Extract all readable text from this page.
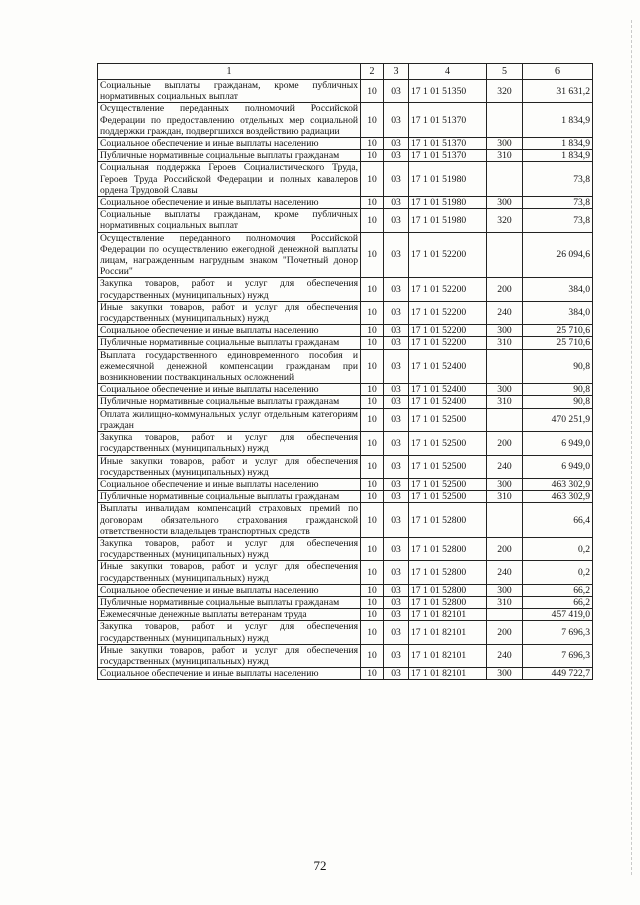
1	2	3	4	5	6
Социальные выплаты гражданам, кроме публичных нормативных социальных выплат	10	03	17 1 01 51350	320	31 631,2
Осуществление переданных полномочий Российской Федерации по предоставлению отдельных мер социальной поддержки граждан, подвергшихся воздействию радиации	10	03	17 1 01 51370		1 834,9
Социальное обеспечение и иные выплаты населению	10	03	17 1 01 51370	300	1 834,9
Публичные нормативные социальные выплаты гражданам	10	03	17 1 01 51370	310	1 834,9
Социальная поддержка Героев Социалистического Труда, Героев Труда Российской Федерации и полных кавалеров ордена Трудовой Славы	10	03	17 1 01 51980		73,8
Социальное обеспечение и иные выплаты населению	10	03	17 1 01 51980	300	73,8
Социальные выплаты гражданам, кроме публичных нормативных социальных выплат	10	03	17 1 01 51980	320	73,8
Осуществление переданного полномочия Российской Федерации по осуществлению ежегодной денежной выплаты лицам, награжденным нагрудным знаком "Почетный донор России"	10	03	17 1 01 52200		26 094,6
Закупка товаров, работ и услуг для обеспечения государственных (муниципальных) нужд	10	03	17 1 01 52200	200	384,0
Иные закупки товаров, работ и услуг для обеспечения государственных (муниципальных) нужд	10	03	17 1 01 52200	240	384,0
Социальное обеспечение и иные выплаты населению	10	03	17 1 01 52200	300	25 710,6
Публичные нормативные социальные выплаты гражданам	10	03	17 1 01 52200	310	25 710,6
Выплата государственного единовременного пособия и ежемесячной денежной компенсации гражданам при возникновении поствакцинальных осложнений	10	03	17 1 01 52400		90,8
Социальное обеспечение и иные выплаты населению	10	03	17 1 01 52400	300	90,8
Публичные нормативные социальные выплаты гражданам	10	03	17 1 01 52400	310	90,8
Оплата жилищно-коммунальных услуг отдельным категориям граждан	10	03	17 1 01 52500		470 251,9
Закупка товаров, работ и услуг для обеспечения государственных (муниципальных) нужд	10	03	17 1 01 52500	200	6 949,0
Иные закупки товаров, работ и услуг для обеспечения государственных (муниципальных) нужд	10	03	17 1 01 52500	240	6 949,0
Социальное обеспечение и иные выплаты населению	10	03	17 1 01 52500	300	463 302,9
Публичные нормативные социальные выплаты гражданам	10	03	17 1 01 52500	310	463 302,9
Выплаты инвалидам компенсаций страховых премий по договорам обязательного страхования гражданской ответственности владельцев транспортных средств	10	03	17 1 01 52800		66,4
Закупка товаров, работ и услуг для обеспечения государственных (муниципальных) нужд	10	03	17 1 01 52800	200	0,2
Иные закупки товаров, работ и услуг для обеспечения государственных (муниципальных) нужд	10	03	17 1 01 52800	240	0,2
Социальное обеспечение и иные выплаты населению	10	03	17 1 01 52800	300	66,2
Публичные нормативные социальные выплаты гражданам	10	03	17 1 01 52800	310	66,2
Ежемесячные денежные выплаты ветеранам труда	10	03	17 1 01 82101		457 419,0
Закупка товаров, работ и услуг для обеспечения государственных (муниципальных) нужд	10	03	17 1 01 82101	200	7 696,3
Иные закупки товаров, работ и услуг для обеспечения государственных (муниципальных) нужд	10	03	17 1 01 82101	240	7 696,3
Социальное обеспечение и иные выплаты населению	10	03	17 1 01 82101	300	449 722,7
72
